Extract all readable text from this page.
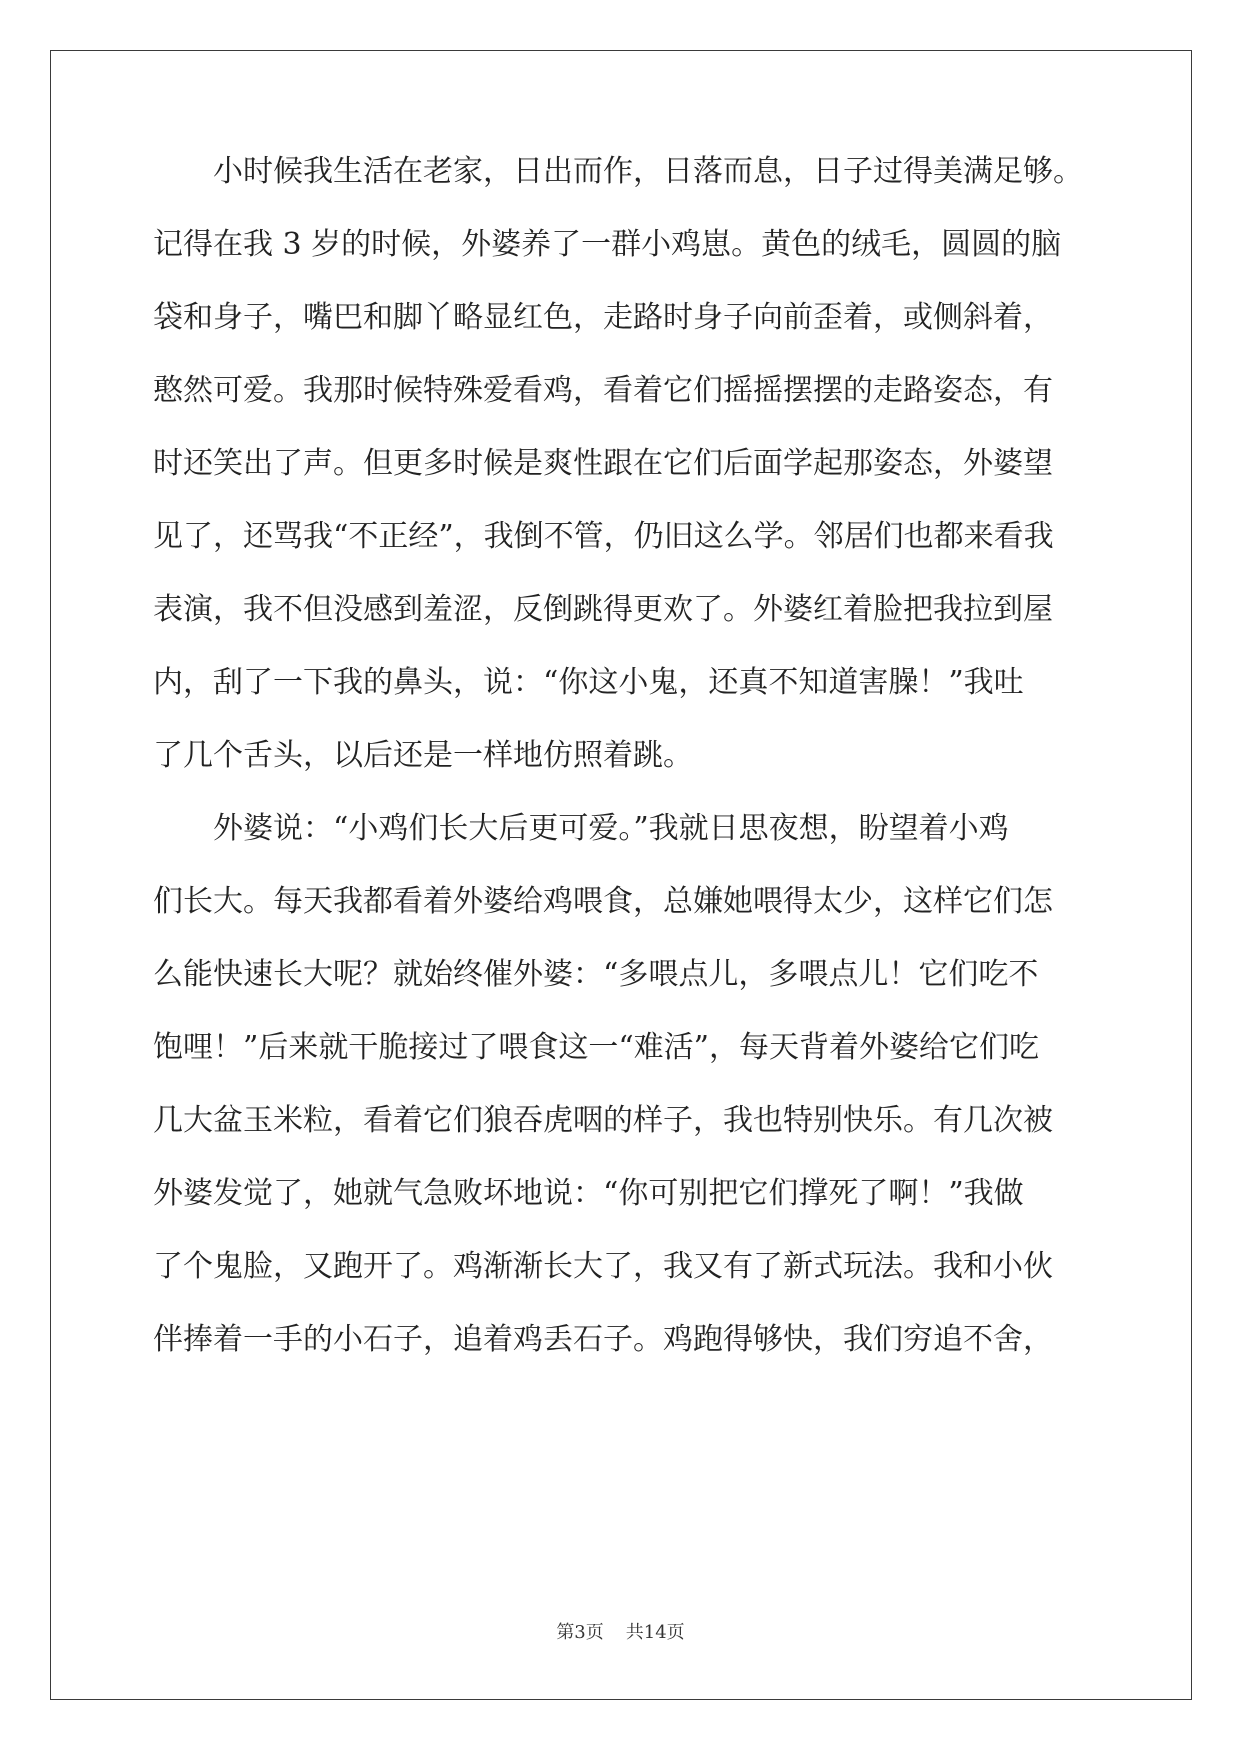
小时候我生活在老家，日出而作，日落而息，日子过得美满足够。
记得在我 3 岁的时候，外婆养了一群小鸡崽。黄色的绒毛，圆圆的脑
袋和身子，嘴巴和脚丫略显红色，走路时身子向前歪着，或侧斜着，
憨然可爱。我那时候特殊爱看鸡，看着它们摇摇摆摆的走路姿态，有
时还笑出了声。但更多时候是爽性跟在它们后面学起那姿态，外婆望
见了，还骂我“不正经”，我倒不管，仍旧这么学。邻居们也都来看我
表演，我不但没感到羞涩，反倒跳得更欢了。外婆红着脸把我拉到屋
内，刮了一下我的鼻头，说：“你这小鬼，还真不知道害臊！”我吐
了几个舌头，以后还是一样地仿照着跳。
外婆说：“小鸡们长大后更可爱。”我就日思夜想，盼望着小鸡
们长大。每天我都看着外婆给鸡喂食，总嫌她喂得太少，这样它们怎
么能快速长大呢？就始终催外婆：“多喂点儿，多喂点儿！它们吃不
饱哩！”后来就干脆接过了喂食这一“难活”，每天背着外婆给它们吃
几大盆玉米粒，看着它们狼吞虎咽的样子，我也特别快乐。有几次被
外婆发觉了，她就气急败坏地说：“你可别把它们撑死了啊！”我做
了个鬼脸，又跑开了。鸡渐渐长大了，我又有了新式玩法。我和小伙
伴捧着一手的小石子，追着鸡丢石子。鸡跑得够快，我们穷追不舍，
第3页 共14页
